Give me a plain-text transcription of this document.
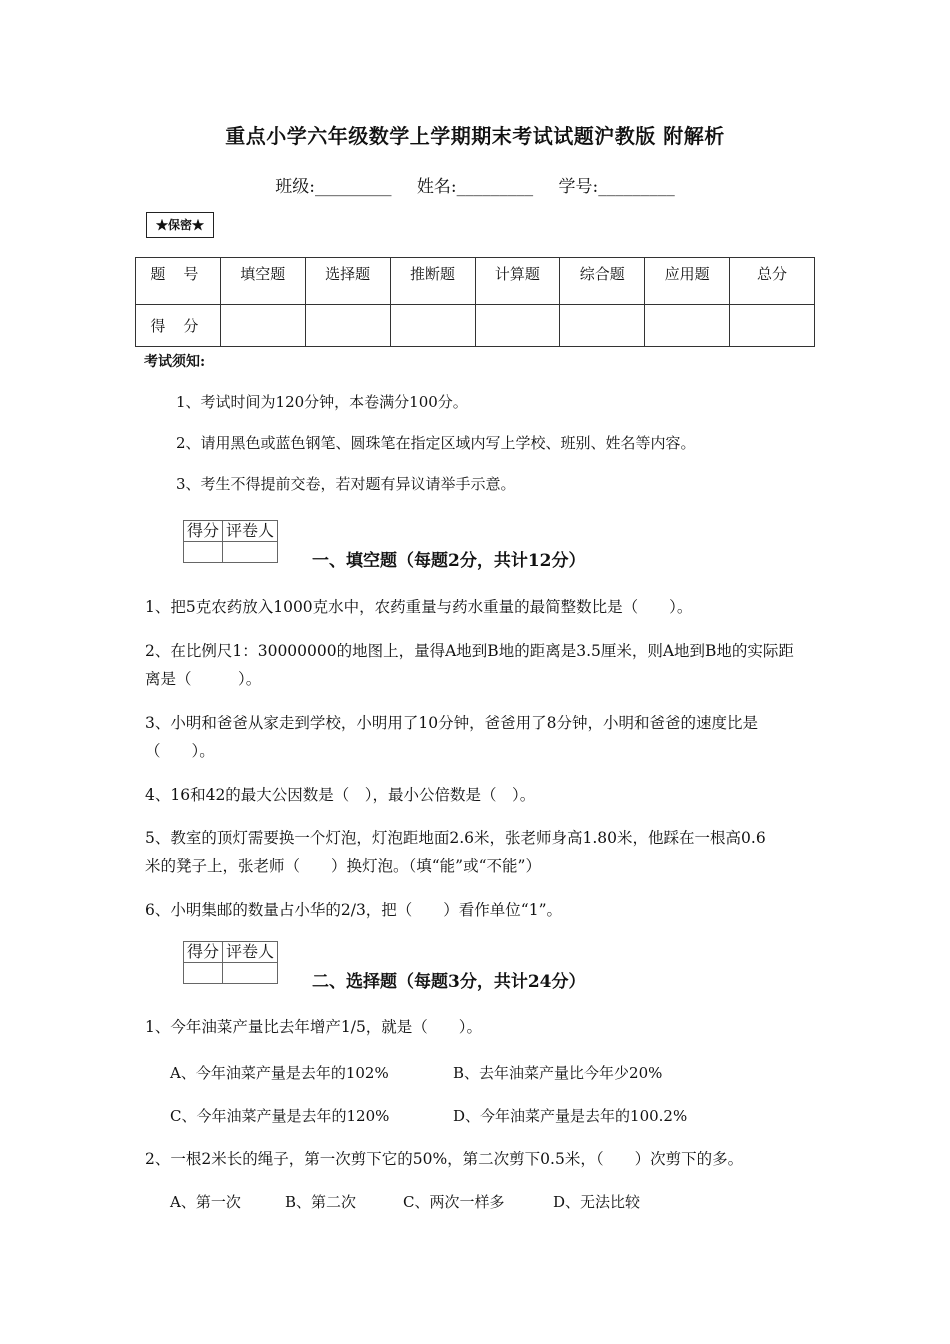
重点小学六年级数学上学期期末考试试题沪教版 附解析
班级:_________ 姓名:_________ 学号:_________
★保密★
题号	填空题	选择题	推断题	计算题	综合题	应用题	总分
得分							
考试须知:
1、考试时间为120分钟，本卷满分100分。
2、请用黑色或蓝色钢笔、圆珠笔在指定区域内写上学校、班别、姓名等内容。
3、考生不得提前交卷，若对题有异议请举手示意。
得分	评卷人

一、填空题（每题2分，共计12分）
1、把5克农药放入1000克水中，农药重量与药水重量的最简整数比是（　　）。
2、在比例尺1：30000000的地图上，量得A地到B地的距离是3.5厘米，则A地到B地的实际距
离是（　　　）。
3、小明和爸爸从家走到学校，小明用了10分钟，爸爸用了8分钟，小明和爸爸的速度比是
（　　）。
4、16和42的最大公因数是（　），最小公倍数是（　）。
5、教室的顶灯需要换一个灯泡，灯泡距地面2.6米，张老师身高1.80米，他踩在一根高0.6
米的凳子上，张老师（　　）换灯泡。（填“能”或“不能”）
6、小明集邮的数量占小华的2/3，把（　　）看作单位“1”。
得分	评卷人

二、选择题（每题3分，共计24分）
1、今年油菜产量比去年增产1/5，就是（　　）。
A、今年油菜产量是去年的102%	B、去年油菜产量比今年少20%
C、今年油菜产量是去年的120%	D、今年油菜产量是去年的100.2%
2、一根2米长的绳子，第一次剪下它的50%，第二次剪下0.5米，（　　）次剪下的多。
A、第一次	B、第二次	C、两次一样多	D、无法比较
